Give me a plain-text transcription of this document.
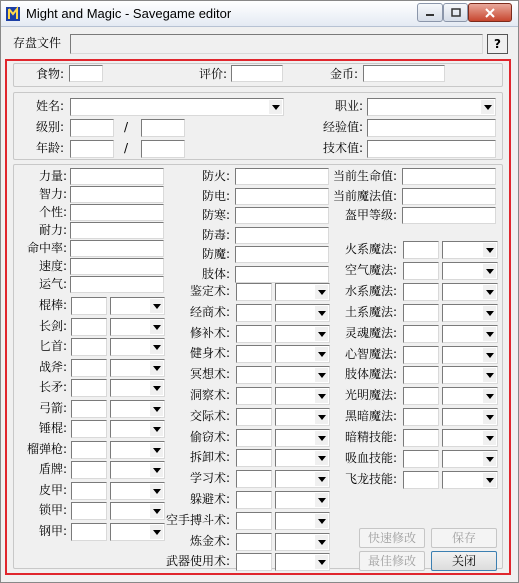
Might and Magic - Savegame editor
存盘文件	?
食物:	评价:	金币:
姓名:	职业:
级别:	/	经验值:
年龄:	/	技术值:
力量:
智力:
个性:
耐力:
命中率:
速度:
运气:
棍棒:
长剑:
匕首:
战斧:
长矛:
弓箭:
锤棍:
榴弹枪:
盾牌:
皮甲:
锁甲:
钢甲:
防火:
防电:
防寒:
防毒:
防魔:
肢体:
鉴定术:
经商术:
修补术:
健身术:
冥想术:
洞察术:
交际术:
偷窃术:
拆卸术:
学习术:
躲避术:
空手搏斗术:
炼金术:
武器使用术:
当前生命值:
当前魔法值:
盔甲等级:
火系魔法:
空气魔法:
水系魔法:
土系魔法:
灵魂魔法:
心智魔法:
肢体魔法:
光明魔法:
黑暗魔法:
暗精技能:
吸血技能:
飞龙技能:
快速修改	保存
最佳修改	关闭
